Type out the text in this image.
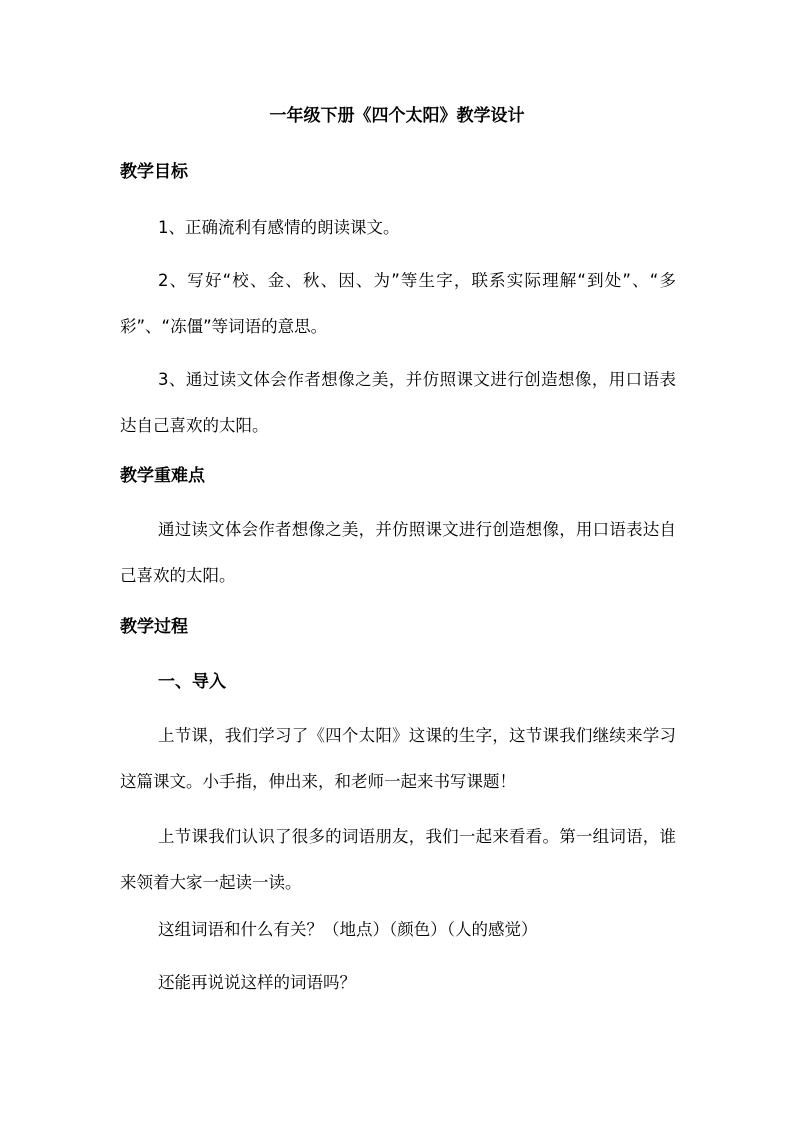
一年级下册《四个太阳》教学设计
教学目标

1、正确流利有感情的朗读课文。

2、写好“校、金、秋、因、为”等生字，联系实际理解“到处”、“多彩”、“冻僵”等词语的意思。

3、通过读文体会作者想像之美，并仿照课文进行创造想像，用口语表达自己喜欢的太阳。

教学重难点

通过读文体会作者想像之美，并仿照课文进行创造想像，用口语表达自己喜欢的太阳。

教学过程
一、导入

上节课，我们学习了《四个太阳》这课的生字，这节课我们继续来学习这篇课文。小手指，伸出来，和老师一起来书写课题！

上节课我们认识了很多的词语朋友，我们一起来看看。第一组词语，谁来领着大家一起读一读。

这组词语和什么有关？（地点）（颜色）（人的感觉）

还能再说说这样的词语吗？
